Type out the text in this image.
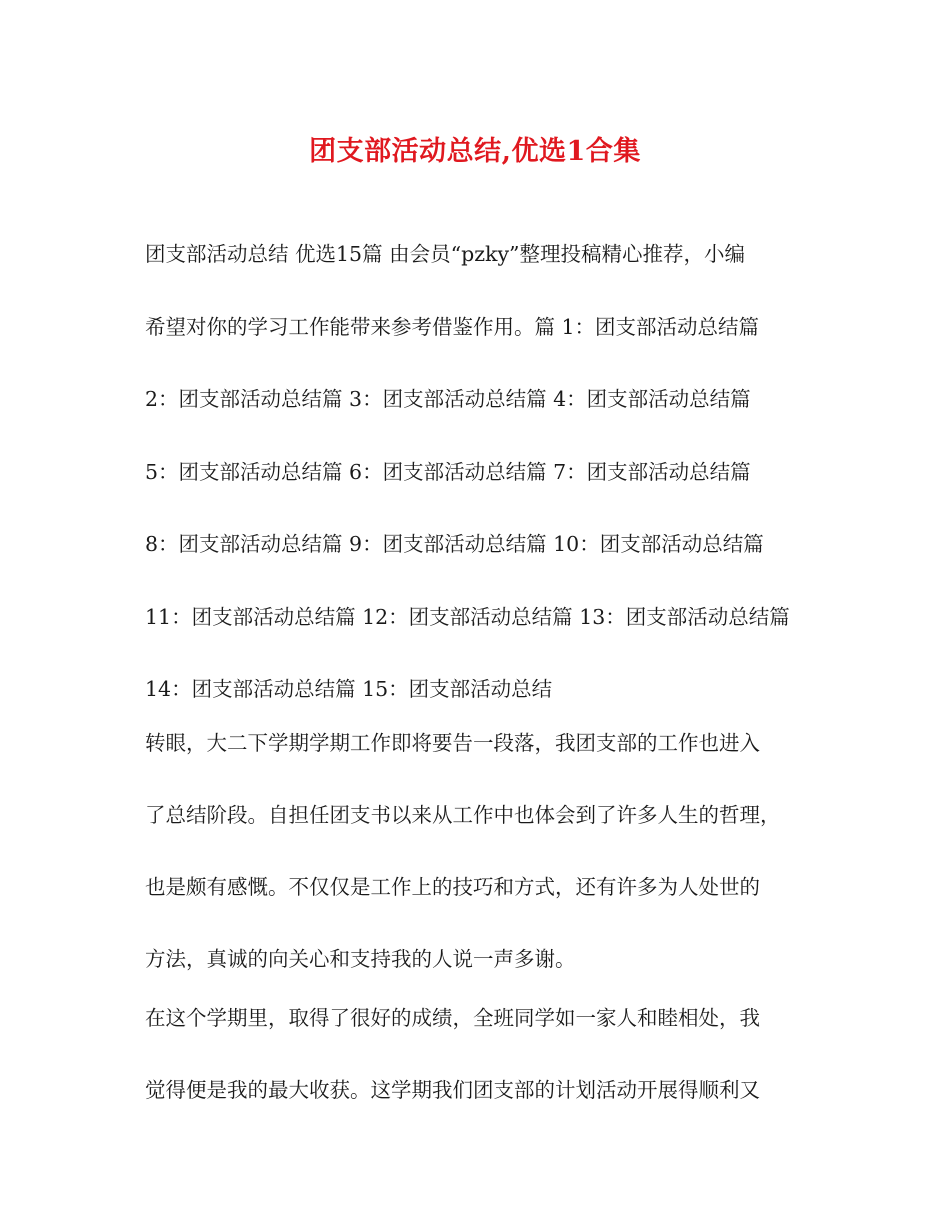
团支部活动总结,优选1合集
团支部活动总结 优选15篇 由会员“pzky”整理投稿精心推荐，小编
希望对你的学习工作能带来参考借鉴作用。篇 1：团支部活动总结篇
2：团支部活动总结篇 3：团支部活动总结篇 4：团支部活动总结篇
5：团支部活动总结篇 6：团支部活动总结篇 7：团支部活动总结篇
8：团支部活动总结篇 9：团支部活动总结篇 10：团支部活动总结篇
11：团支部活动总结篇 12：团支部活动总结篇 13：团支部活动总结篇
14：团支部活动总结篇 15：团支部活动总结
转眼，大二下学期学期工作即将要告一段落，我团支部的工作也进入
了总结阶段。自担任团支书以来从工作中也体会到了许多人生的哲理，
也是颇有感慨。不仅仅是工作上的技巧和方式，还有许多为人处世的
方法，真诚的向关心和支持我的人说一声多谢。
在这个学期里，取得了很好的成绩，全班同学如一家人和睦相处，我
觉得便是我的最大收获。这学期我们团支部的计划活动开展得顺利又
